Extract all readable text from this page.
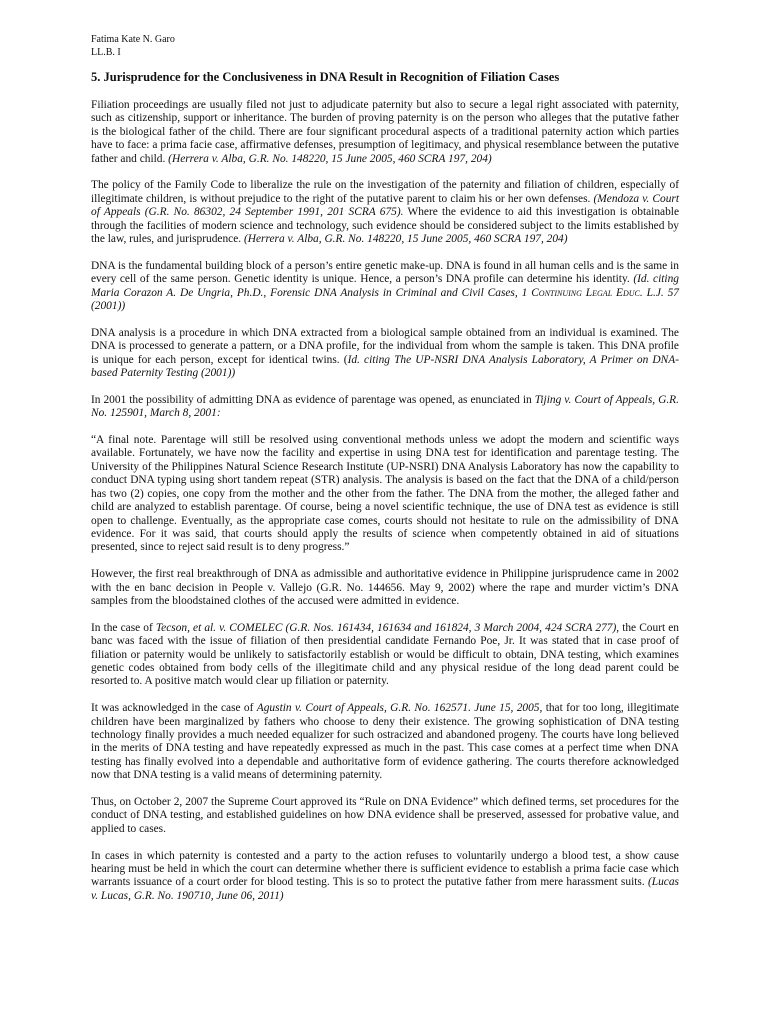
Fatima Kate N. Garo
LL.B. I
5. Jurisprudence for the Conclusiveness in DNA Result in Recognition of Filiation Cases

Filiation proceedings are usually filed not just to adjudicate paternity but also to secure a legal right associated with paternity, such as citizenship, support or inheritance. The burden of proving paternity is on the person who alleges that the putative father is the biological father of the child. There are four significant procedural aspects of a traditional paternity action which parties have to face: a prima facie case, affirmative defenses, presumption of legitimacy, and physical resemblance between the putative father and child. (Herrera v. Alba, G.R. No. 148220, 15 June 2005, 460 SCRA 197, 204)

The policy of the Family Code to liberalize the rule on the investigation of the paternity and filiation of children, especially of illegitimate children, is without prejudice to the right of the putative parent to claim his or her own defenses. (Mendoza v. Court of Appeals (G.R. No. 86302, 24 September 1991, 201 SCRA 675). Where the evidence to aid this investigation is obtainable through the facilities of modern science and technology, such evidence should be considered subject to the limits established by the law, rules, and jurisprudence. (Herrera v. Alba, G.R. No. 148220, 15 June 2005, 460 SCRA 197, 204)

DNA is the fundamental building block of a person’s entire genetic make-up. DNA is found in all human cells and is the same in every cell of the same person. Genetic identity is unique. Hence, a person’s DNA profile can determine his identity. (Id. citing Maria Corazon A. De Ungria, Ph.D., Forensic DNA Analysis in Criminal and Civil Cases, 1 Continuing Legal Educ. L.J. 57 (2001))

DNA analysis is a procedure in which DNA extracted from a biological sample obtained from an individual is examined. The DNA is processed to generate a pattern, or a DNA profile, for the individual from whom the sample is taken. This DNA profile is unique for each person, except for identical twins. (Id. citing The UP-NSRI DNA Analysis Laboratory, A Primer on DNA-based Paternity Testing (2001))

In 2001 the possibility of admitting DNA as evidence of parentage was opened, as enunciated in Tijing v. Court of Appeals, G.R. No. 125901, March 8, 2001:

“A final note. Parentage will still be resolved using conventional methods unless we adopt the modern and scientific ways available. Fortunately, we have now the facility and expertise in using DNA test for identification and parentage testing. The University of the Philippines Natural Science Research Institute (UP-NSRI) DNA Analysis Laboratory has now the capability to conduct DNA typing using short tandem repeat (STR) analysis. The analysis is based on the fact that the DNA of a child/person has two (2) copies, one copy from the mother and the other from the father. The DNA from the mother, the alleged father and child are analyzed to establish parentage. Of course, being a novel scientific technique, the use of DNA test as evidence is still open to challenge. Eventually, as the appropriate case comes, courts should not hesitate to rule on the admissibility of DNA evidence. For it was said, that courts should apply the results of science when competently obtained in aid of situations presented, since to reject said result is to deny progress.”

However, the first real breakthrough of DNA as admissible and authoritative evidence in Philippine jurisprudence came in 2002 with the en banc decision in People v. Vallejo (G.R. No. 144656. May 9, 2002) where the rape and murder victim’s DNA samples from the bloodstained clothes of the accused were admitted in evidence.

In the case of Tecson, et al. v. COMELEC (G.R. Nos. 161434, 161634 and 161824, 3 March 2004, 424 SCRA 277), the Court en banc was faced with the issue of filiation of then presidential candidate Fernando Poe, Jr. It was stated that in case proof of filiation or paternity would be unlikely to satisfactorily establish or would be difficult to obtain, DNA testing, which examines genetic codes obtained from body cells of the illegitimate child and any physical residue of the long dead parent could be resorted to. A positive match would clear up filiation or paternity.

It was acknowledged in the case of Agustin v. Court of Appeals, G.R. No. 162571. June 15, 2005, that for too long, illegitimate children have been marginalized by fathers who choose to deny their existence. The growing sophistication of DNA testing technology finally provides a much needed equalizer for such ostracized and abandoned progeny. The courts have long believed in the merits of DNA testing and have repeatedly expressed as much in the past. This case comes at a perfect time when DNA testing has finally evolved into a dependable and authoritative form of evidence gathering. The courts therefore acknowledged now that DNA testing is a valid means of determining paternity.

Thus, on October 2, 2007 the Supreme Court approved its “Rule on DNA Evidence” which defined terms, set procedures for the conduct of DNA testing, and established guidelines on how DNA evidence shall be preserved, assessed for probative value, and applied to cases.

In cases in which paternity is contested and a party to the action refuses to voluntarily undergo a blood test, a show cause hearing must be held in which the court can determine whether there is sufficient evidence to establish a prima facie case which warrants issuance of a court order for blood testing. This is so to protect the putative father from mere harassment suits. (Lucas v. Lucas, G.R. No. 190710, June 06, 2011)
